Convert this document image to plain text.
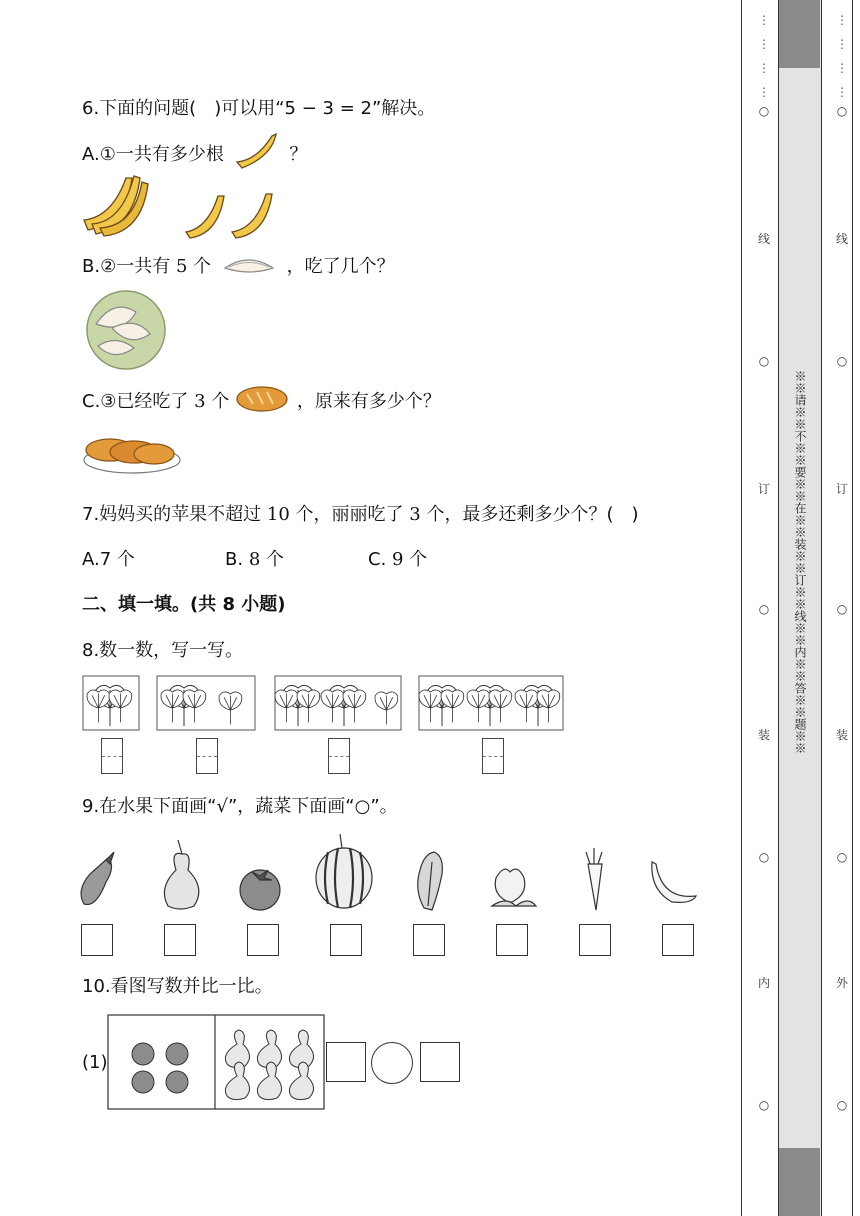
6.下面的问题(　)可以用“5 − 3 = 2”解决。
A.①一共有多少根	？
B.②一共有 5 个	，吃了几个？
C.③已经吃了 3 个	，原来有多少个？
7.妈妈买的苹果不超过 10 个，丽丽吃了 3 个，最多还剩多少个？(　)
A.7 个	B. 8 个	C. 9 个
二、填一填。(共 8 小题)
8.数一数，写一写。
9.在水果下面画“√”，蔬菜下面画“○”。
10.看图写数并比一比。
(1)
※※请※※不※※要※※在※※装※※订※※线※※内※※答※※题※※
⋮
⋮
⋮
⋮
○
线
○
订
○
装
○
内
○
⋮
⋮
⋮
⋮
○
线
○
订
○
装
○
外
○
